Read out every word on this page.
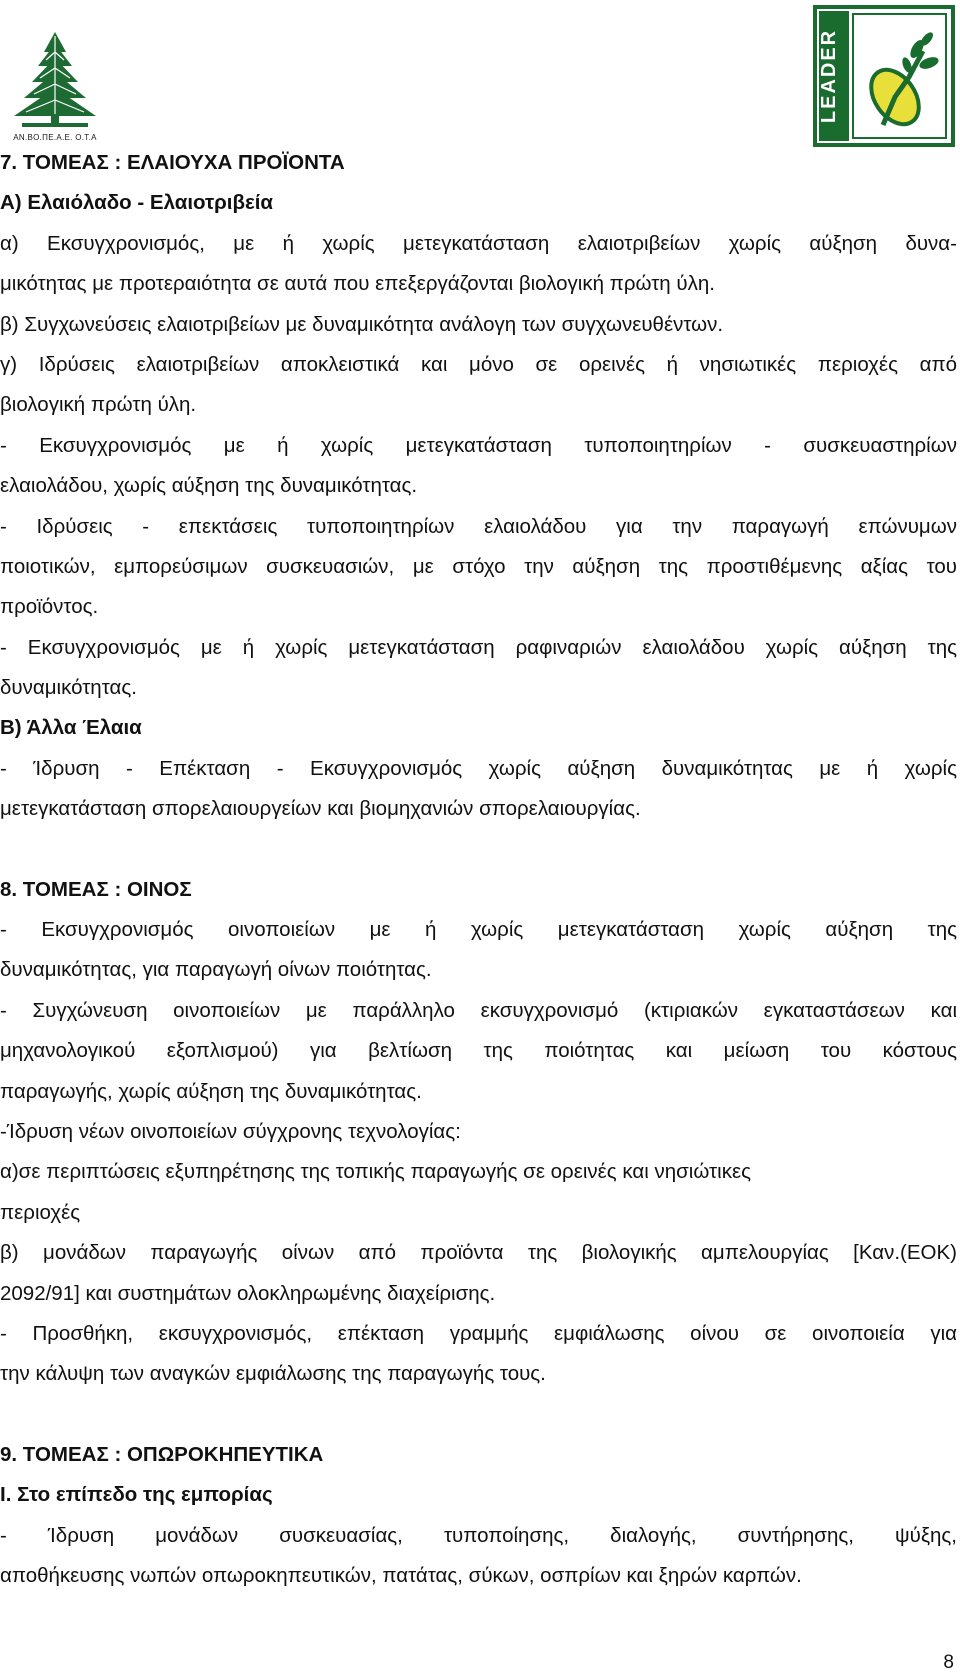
ΑΝ.ΒΟ.ΠΕ.Α.Ε. Ο.Τ.Α
LEADER
7. ΤΟΜΕΑΣ : ΕΛΑΙΟΥΧΑ ΠΡΟΪΟΝΤΑ
Α) Ελαιόλαδο - Ελαιοτριβεία
α) Εκσυγχρονισμός, με ή χωρίς μετεγκατάσταση ελαιοτριβείων χωρίς αύξηση δυνα-
μικότητας με προτεραιότητα σε αυτά που επεξεργάζονται βιολογική πρώτη ύλη.
β) Συγχωνεύσεις ελαιοτριβείων με δυναμικότητα ανάλογη των συγχωνευθέντων.
γ) Ιδρύσεις ελαιοτριβείων αποκλειστικά και μόνο σε ορεινές ή νησιωτικές περιοχές από
βιολογική πρώτη ύλη.
- Εκσυγχρονισμός με ή χωρίς μετεγκατάσταση τυποποιητηρίων - συσκευαστηρίων
ελαιολάδου, χωρίς αύξηση της δυναμικότητας.
- Ιδρύσεις - επεκτάσεις τυποποιητηρίων ελαιολάδου για την παραγωγή επώνυμων
ποιοτικών, εμπορεύσιμων συσκευασιών, με στόχο την αύξηση της προστιθέμενης αξίας του
προϊόντος.
- Εκσυγχρονισμός με ή χωρίς μετεγκατάσταση ραφιναριών ελαιολάδου χωρίς αύξηση της
δυναμικότητας.
Β) Άλλα Έλαια
- Ίδρυση - Επέκταση - Εκσυγχρονισμός χωρίς αύξηση δυναμικότητας με ή χωρίς
μετεγκατάσταση σπορελαιουργείων και βιομηχανιών σπορελαιουργίας.
8. ΤΟΜΕΑΣ : ΟΙΝΟΣ
- Εκσυγχρονισμός οινοποιείων με ή χωρίς μετεγκατάσταση χωρίς αύξηση της
δυναμικότητας, για παραγωγή οίνων ποιότητας.
- Συγχώνευση οινοποιείων με παράλληλο εκσυγχρονισμό (κτιριακών εγκαταστάσεων και
μηχανολογικού εξοπλισμού) για βελτίωση της ποιότητας και μείωση του κόστους
παραγωγής, χωρίς αύξηση της δυναμικότητας.
-Ίδρυση νέων οινοποιείων σύγχρονης τεχνολογίας:
α)σε περιπτώσεις εξυπηρέτησης της τοπικής παραγωγής σε ορεινές και νησιώτικες
περιοχές
β) μονάδων παραγωγής οίνων από προϊόντα της βιολογικής αμπελουργίας [Καν.(ΕΟΚ)
2092/91] και συστημάτων ολοκληρωμένης διαχείρισης.
- Προσθήκη, εκσυγχρονισμός, επέκταση γραμμής εμφιάλωσης οίνου σε οινοποιεία για
την κάλυψη των αναγκών εμφιάλωσης της παραγωγής τους.
9. ΤΟΜΕΑΣ : ΟΠΩΡΟΚΗΠΕΥΤΙΚΑ
Ι. Στο επίπεδο της εμπορίας
- Ίδρυση μονάδων συσκευασίας, τυποποίησης, διαλογής, συντήρησης, ψύξης,
αποθήκευσης νωπών οπωροκηπευτικών, πατάτας, σύκων, οσπρίων και ξηρών καρπών.
8
